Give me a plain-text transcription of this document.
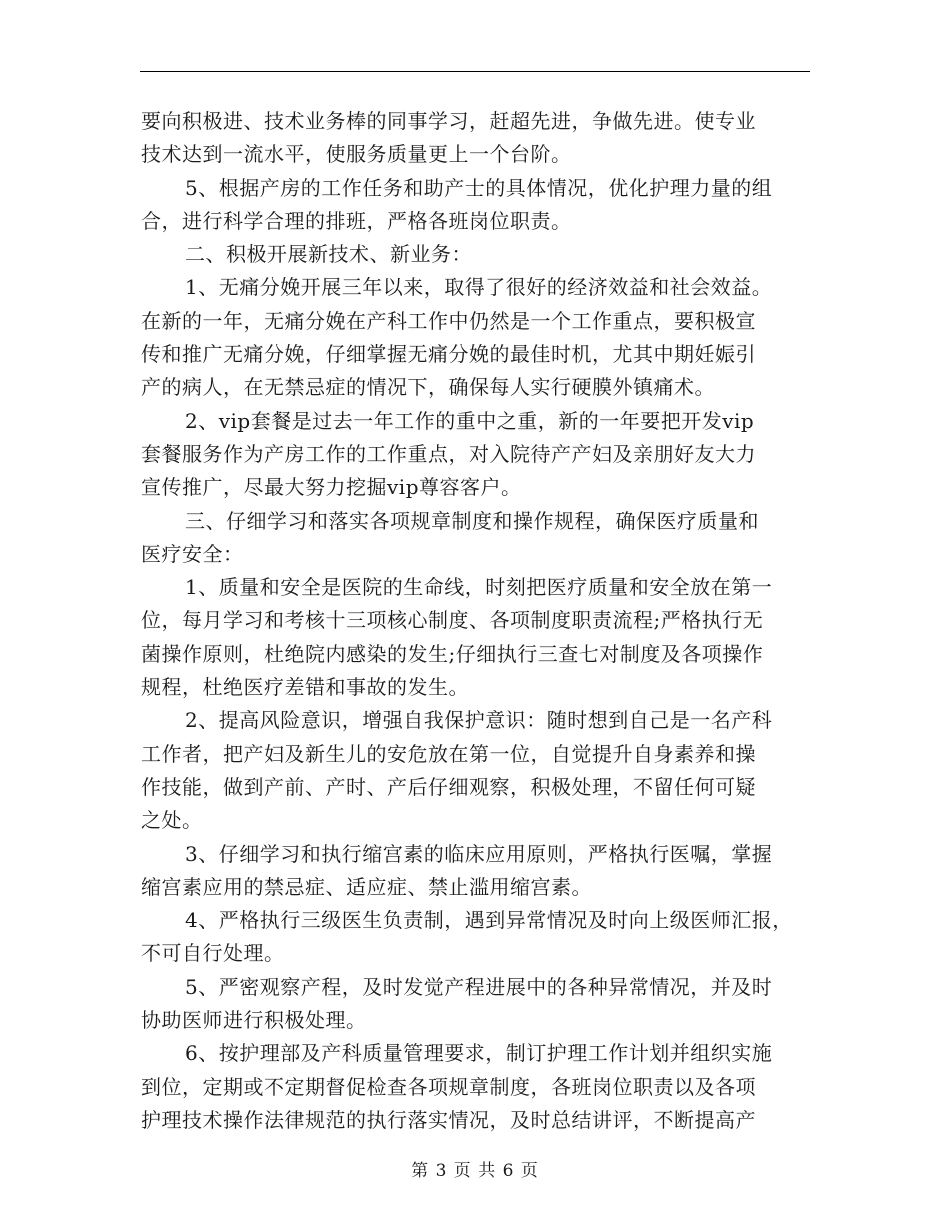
要向积极进、技术业务棒的同事学习，赶超先进，争做先进。使专业
技术达到一流水平，使服务质量更上一个台阶。
5、根据产房的工作任务和助产士的具体情况，优化护理力量的组
合，进行科学合理的排班，严格各班岗位职责。
二、积极开展新技术、新业务：
1、无痛分娩开展三年以来，取得了很好的经济效益和社会效益。
在新的一年，无痛分娩在产科工作中仍然是一个工作重点，要积极宣
传和推广无痛分娩，仔细掌握无痛分娩的最佳时机，尤其中期妊娠引
产的病人，在无禁忌症的情况下，确保每人实行硬膜外镇痛术。
2、vip套餐是过去一年工作的重中之重，新的一年要把开发vip
套餐服务作为产房工作的工作重点，对入院待产产妇及亲朋好友大力
宣传推广，尽最大努力挖掘vip尊容客户。
三、仔细学习和落实各项规章制度和操作规程，确保医疗质量和
医疗安全：
1、质量和安全是医院的生命线，时刻把医疗质量和安全放在第一
位，每月学习和考核十三项核心制度、各项制度职责流程;严格执行无
菌操作原则，杜绝院内感染的发生;仔细执行三查七对制度及各项操作
规程，杜绝医疗差错和事故的发生。
2、提高风险意识，增强自我保护意识：随时想到自己是一名产科
工作者，把产妇及新生儿的安危放在第一位，自觉提升自身素养和操
作技能，做到产前、产时、产后仔细观察，积极处理，不留任何可疑
之处。
3、仔细学习和执行缩宫素的临床应用原则，严格执行医嘱，掌握
缩宫素应用的禁忌症、适应症、禁止滥用缩宫素。
4、严格执行三级医生负责制，遇到异常情况及时向上级医师汇报，
不可自行处理。
5、严密观察产程，及时发觉产程进展中的各种异常情况，并及时
协助医师进行积极处理。
6、按护理部及产科质量管理要求，制订护理工作计划并组织实施
到位，定期或不定期督促检查各项规章制度，各班岗位职责以及各项
护理技术操作法律规范的执行落实情况，及时总结讲评，不断提高产
第 3 页 共 6 页
